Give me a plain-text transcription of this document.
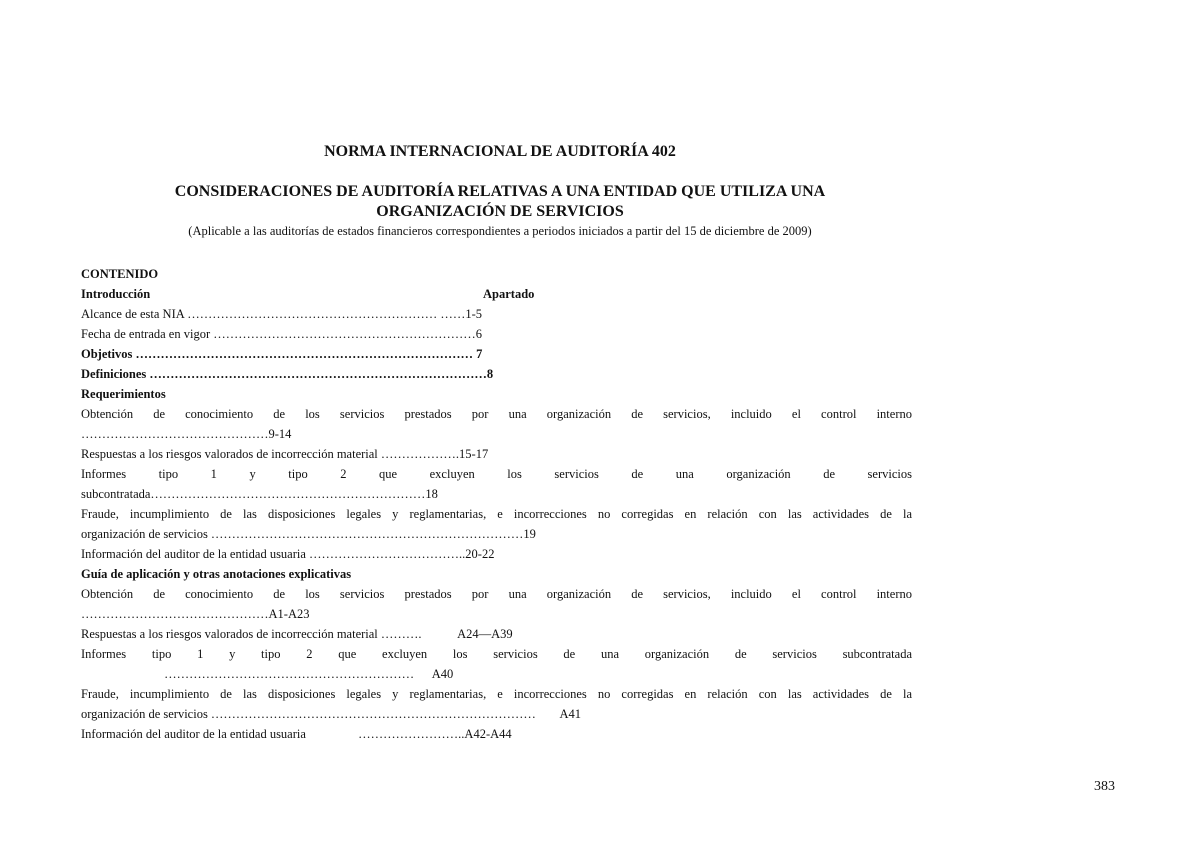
NORMA INTERNACIONAL DE AUDITORÍA 402
CONSIDERACIONES DE AUDITORÍA RELATIVAS A UNA ENTIDAD QUE UTILIZA UNA
ORGANIZACIÓN DE SERVICIOS
(Aplicable a las auditorías de estados financieros correspondientes a periodos iniciados a partir del 15 de diciembre de 2009)
CONTENIDO
Introducción	Apartado
Alcance de esta NIA …………………………………………………… ……1-5
Fecha de entrada en vigor ………………………………………………………6
Objetivos ……………………………………………………………………… 7
Definiciones ………………………………………………………………………8
Requerimientos
Obtención de conocimiento de los servicios prestados por una organización de servicios, incluido el control interno
………………………………………9-14
Respuestas a los riesgos valorados de incorrección material ……………….15-17
Informes tipo 1 y tipo 2 que excluyen los servicios de una organización de servicios
subcontratada…………………………………………………………18
Fraude, incumplimiento de las disposiciones legales y reglamentarias, e incorrecciones no corregidas en relación con las actividades de la
organización de servicios …………………………………………………………………19
Información del auditor de la entidad usuaria ………………………………..20-22
Guía de aplicación y otras anotaciones explicativas
Obtención de conocimiento de los servicios prestados por una organización de servicios, incluido el control interno
………………………………………A1-A23
Respuestas a los riesgos valorados de incorrección material ……….	A24—A39
Informes tipo 1 y tipo 2 que excluyen los servicios de una organización de servicios subcontratada
…………………………………………………… A40
Fraude, incumplimiento de las disposiciones legales y reglamentarias, e incorrecciones no corregidas en relación con las actividades de la
organización de servicios …………………………………………………………………… A41
Información del auditor de la entidad usuaria	……………………..A42-A44
383
